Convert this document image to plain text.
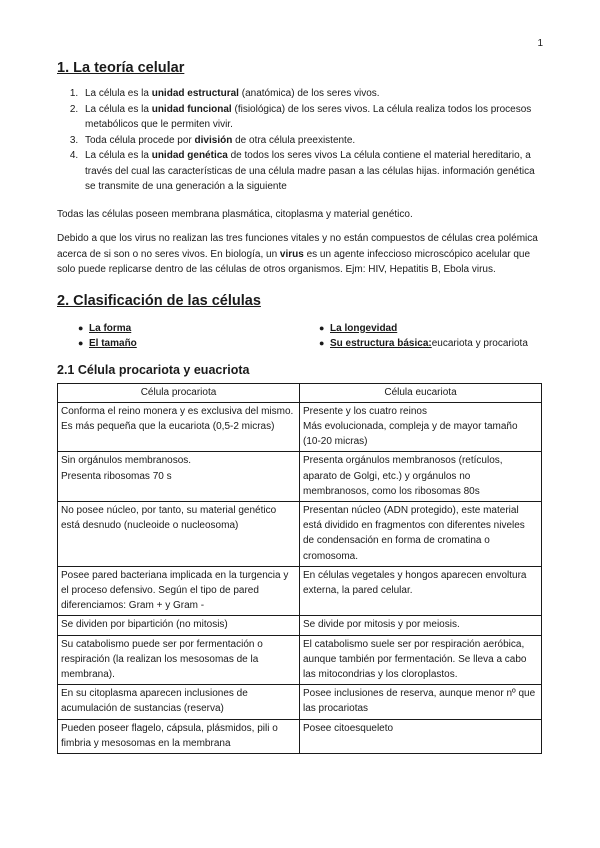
1
1. La teoría celular
1. La célula es la unidad estructural (anatómica) de los seres vivos.
2. La célula es la unidad funcional (fisiológica) de los seres vivos. La célula realiza todos los procesos metabólicos que le permiten vivir.
3. Toda célula procede por división de otra célula preexistente.
4. La célula es la unidad genética de todos los seres vivos La célula contiene el material hereditario, a través del cual las características de una célula madre pasan a las células hijas. información genética se transmite de una generación a la siguiente

Todas las células poseen membrana plasmática, citoplasma y material genético.

Debido a que los virus no realizan las tres funciones vitales y no están compuestos de células crea polémica acerca de si son o no seres vivos. En biología, un virus es un agente infeccioso microscópico acelular que solo puede replicarse dentro de las células de otros organismos. Ejm: HIV, Hepatitis B, Ebola virus.

2. Clasificación de las células
● La forma
● El tamaño
● La longevidad
● Su estructura básica: eucariota y procariota
2.1 Célula procariota y euacriota
Célula procariota	Célula eucariota
Conforma el reino monera y es exclusiva del mismo. Es más pequeña que la eucariota (0,5-2 micras)	Presente y los cuatro reinos
Más evolucionada, compleja y de mayor tamaño (10-20 micras)
Sin orgánulos membranosos.
Presenta ribosomas 70 s	Presenta orgánulos membranosos (retículos, aparato de Golgi, etc.) y orgánulos no membranosos, como los ribosomas 80s
No posee núcleo, por tanto, su material genético está desnudo (nucleoide o nucleosoma)	Presentan núcleo (ADN protegido), este material está dividido en fragmentos con diferentes niveles de condensación en forma de cromatina o cromosoma.
Posee pared bacteriana implicada en la turgencia y el proceso defensivo. Según el tipo de pared diferenciamos: Gram + y Gram -	En células vegetales y hongos aparecen envoltura externa, la pared celular.
Se dividen por bipartición (no mitosis)	Se divide por mitosis y por meiosis.
Su catabolismo puede ser por fermentación o respiración (la realizan los mesosomas de la membrana).	El catabolismo suele ser por respiración aeróbica, aunque también por fermentación. Se lleva a cabo las mitocondrias y los cloroplastos.
En su citoplasma aparecen inclusiones de acumulación de sustancias (reserva)	Posee inclusiones de reserva, aunque menor nº que las procariotas
Pueden poseer flagelo, cápsula, plásmidos, pili o fimbria y mesosomas en la membrana	Posee citoesqueleto
